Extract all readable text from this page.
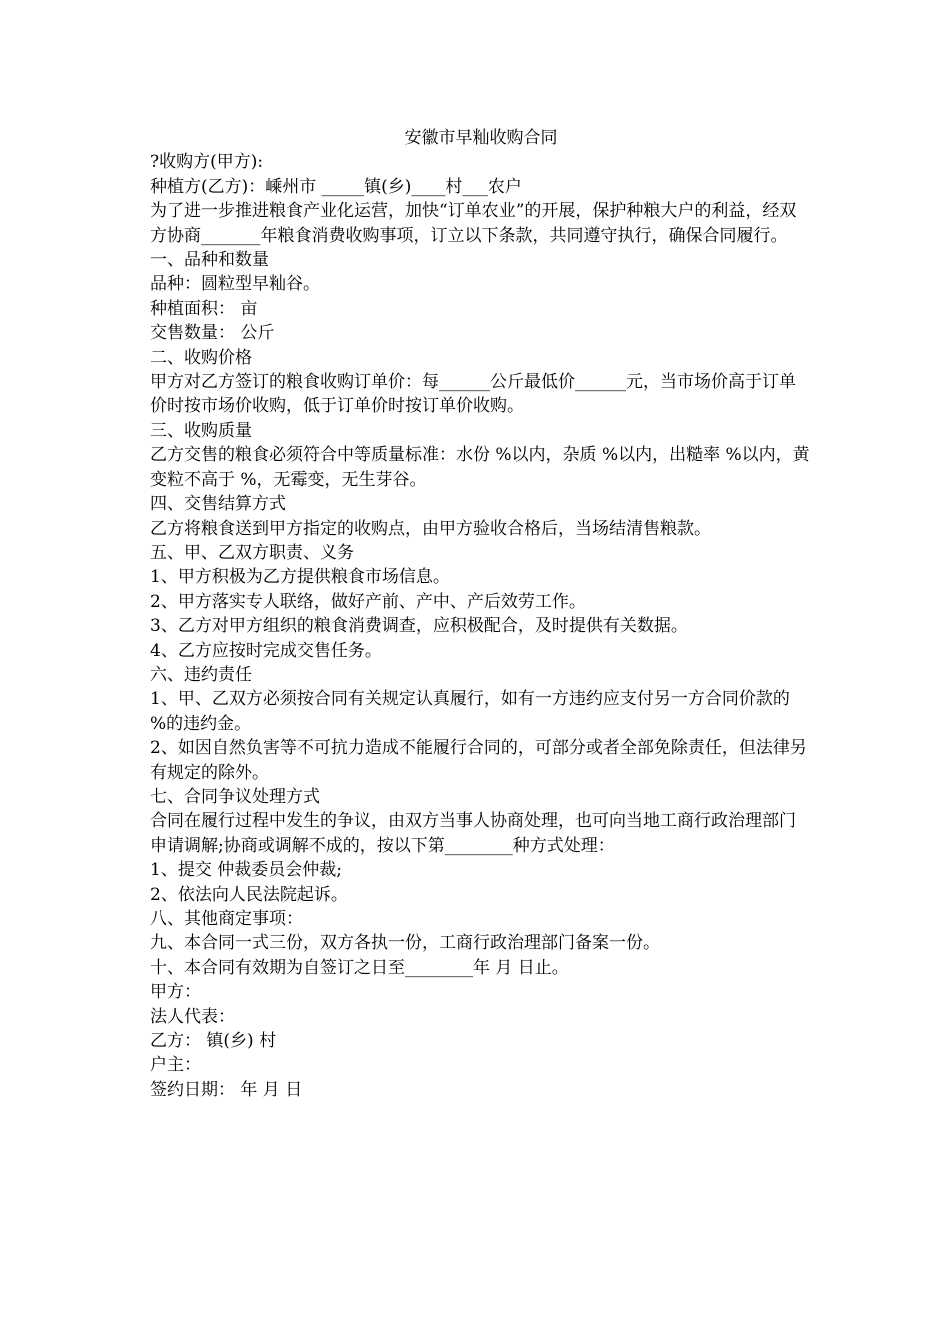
安徽市早籼收购合同

?收购方(甲方):

种植方(乙方)：嵊州市 _____镇(乡)____村___农户

为了进一步推进粮食产业化运营，加快“订单农业”的开展，保护种粮大户的利益，经双方协商_______年粮食消费收购事项，订立以下条款，共同遵守执行，确保合同履行。

一、品种和数量

品种：圆粒型早籼谷。

种植面积： 亩

交售数量： 公斤

二、收购价格

甲方对乙方签订的粮食收购订单价：每______公斤最低价______元，当市场价高于订单价时按市场价收购，低于订单价时按订单价收购。

三、收购质量

乙方交售的粮食必须符合中等质量标准：水份 %以内，杂质 %以内，出糙率 %以内，黄变粒不高于 %，无霉变，无生芽谷。

四、交售结算方式

乙方将粮食送到甲方指定的收购点，由甲方验收合格后，当场结清售粮款。

五、甲、乙双方职责、义务

1、甲方积极为乙方提供粮食市场信息。

2、甲方落实专人联络，做好产前、产中、产后效劳工作。

3、乙方对甲方组织的粮食消费调查，应积极配合，及时提供有关数据。

4、乙方应按时完成交售任务。

六、违约责任

1、甲、乙双方必须按合同有关规定认真履行，如有一方违约应支付另一方合同价款的 %的违约金。

2、如因自然负害等不可抗力造成不能履行合同的，可部分或者全部免除责任，但法律另有规定的除外。

七、合同争议处理方式

合同在履行过程中发生的争议，由双方当事人协商处理，也可向当地工商行政治理部门申请调解;协商或调解不成的，按以下第________种方式处理：

1、提交 仲裁委员会仲裁;

2、依法向人民法院起诉。

八、其他商定事项：

九、本合同一式三份，双方各执一份，工商行政治理部门备案一份。

十、本合同有效期为自签订之日至________年 月 日止。

甲方：

法人代表：

乙方： 镇(乡) 村

户主：

签约日期： 年 月 日
